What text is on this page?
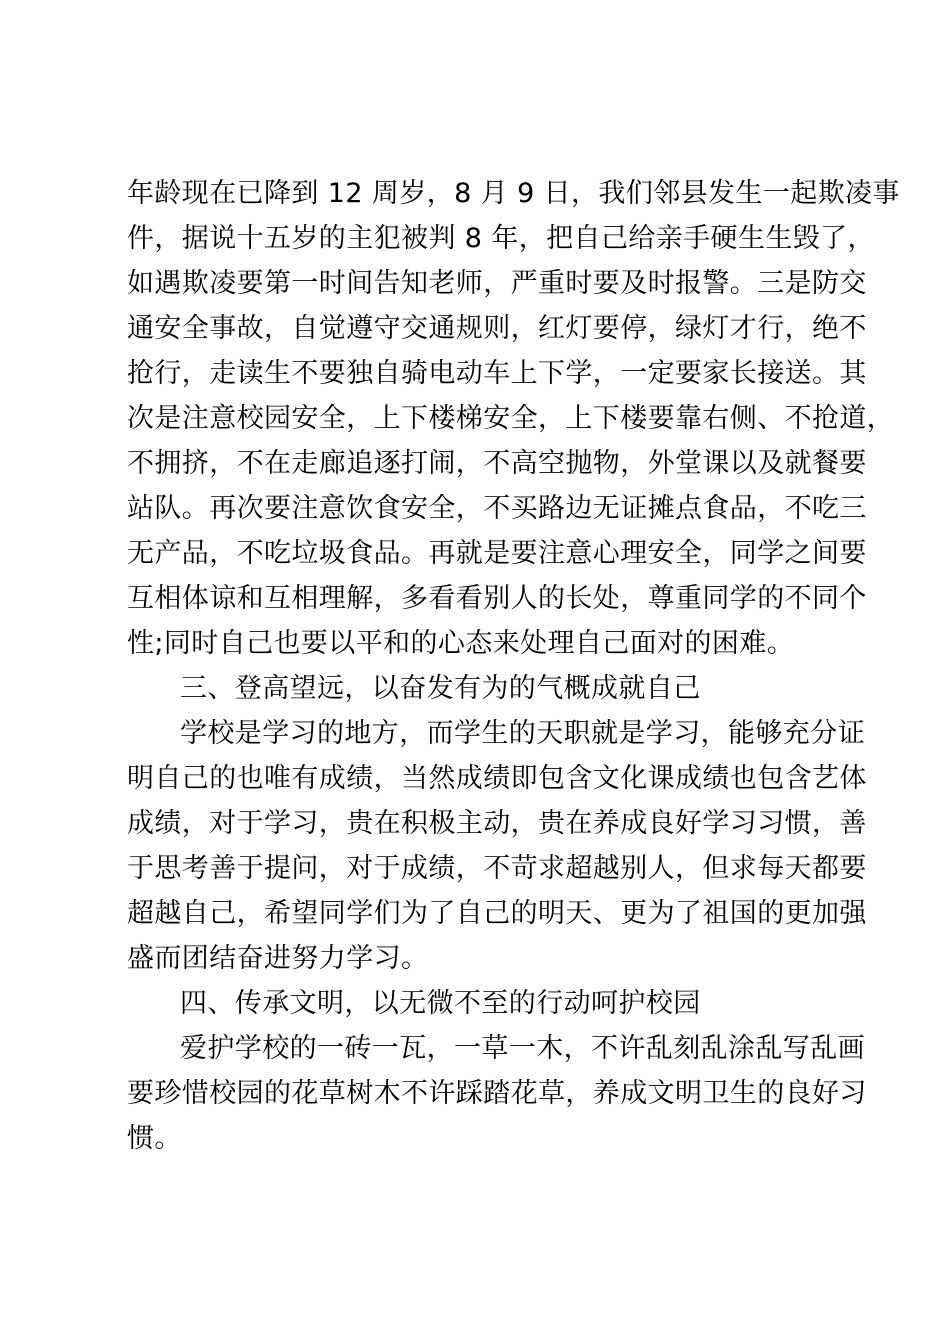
年龄现在已降到 12 周岁，8 月 9 日，我们邻县发生一起欺凌事
件，据说十五岁的主犯被判 8 年，把自己给亲手硬生生毁了，
如遇欺凌要第一时间告知老师，严重时要及时报警。三是防交
通安全事故，自觉遵守交通规则，红灯要停，绿灯才行，绝不
抢行，走读生不要独自骑电动车上下学，一定要家长接送。其
次是注意校园安全，上下楼梯安全，上下楼要靠右侧、不抢道，
不拥挤，不在走廊追逐打闹，不高空抛物，外堂课以及就餐要
站队。再次要注意饮食安全，不买路边无证摊点食品，不吃三
无产品，不吃垃圾食品。再就是要注意心理安全，同学之间要
互相体谅和互相理解，多看看别人的长处，尊重同学的不同个
性;同时自己也要以平和的心态来处理自己面对的困难。
三、登高望远，以奋发有为的气概成就自己
学校是学习的地方，而学生的天职就是学习，能够充分证
明自己的也唯有成绩，当然成绩即包含文化课成绩也包含艺体
成绩，对于学习，贵在积极主动，贵在养成良好学习习惯，善
于思考善于提问，对于成绩，不苛求超越别人，但求每天都要
超越自己，希望同学们为了自己的明天、更为了祖国的更加强
盛而团结奋进努力学习。
四、传承文明，以无微不至的行动呵护校园
爱护学校的一砖一瓦，一草一木，不许乱刻乱涂乱写乱画
要珍惜校园的花草树木不许踩踏花草，养成文明卫生的良好习
惯。
